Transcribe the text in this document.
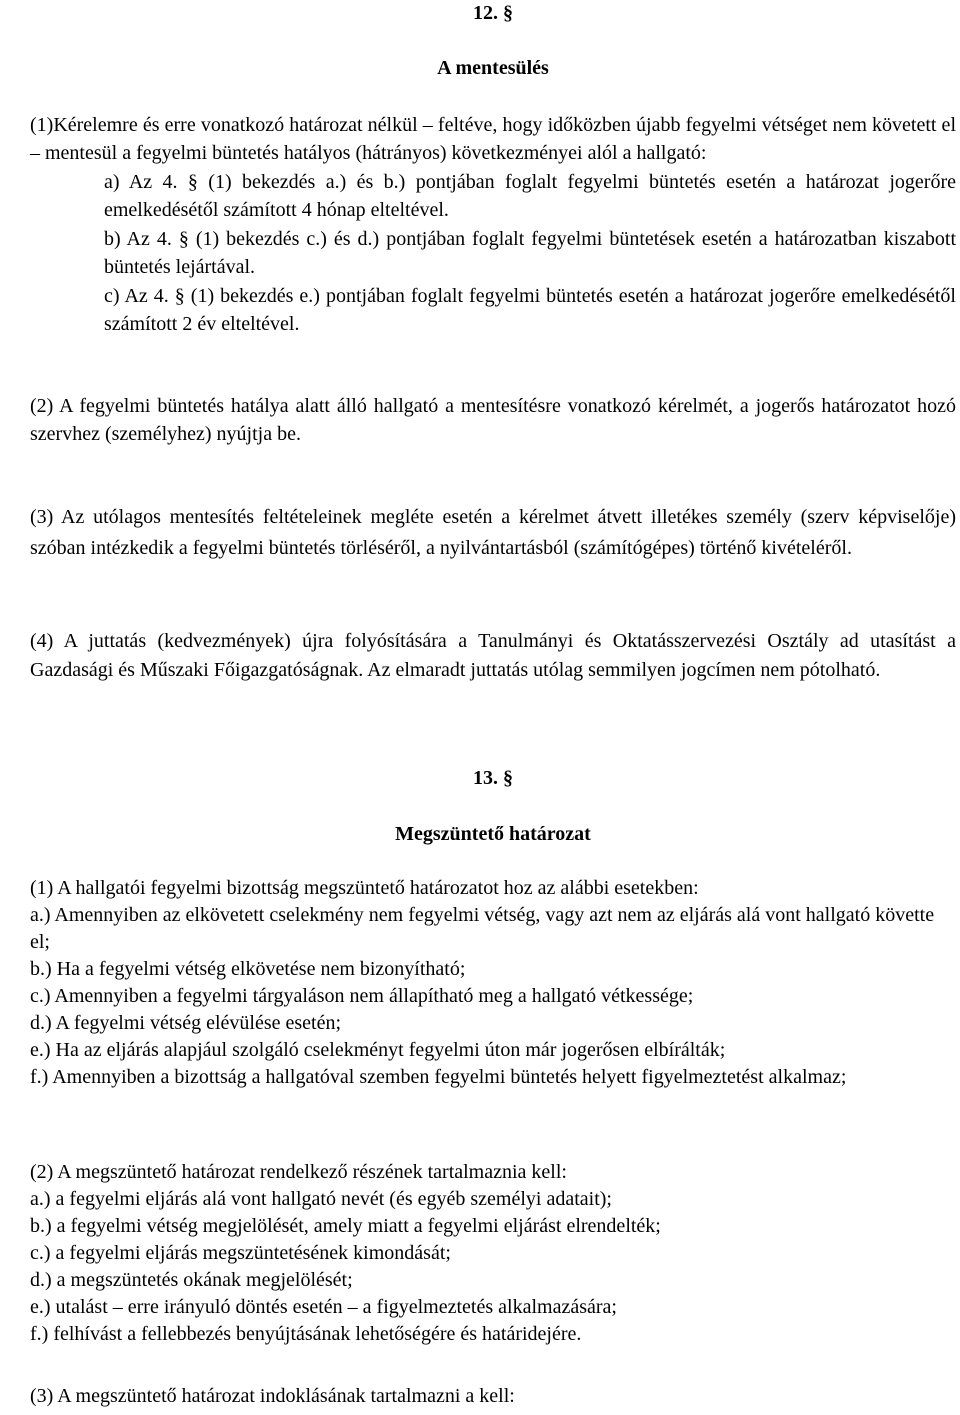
12. §
A mentesülés

(1)Kérelemre és erre vonatkozó határozat nélkül – feltéve, hogy időközben újabb fegyelmi vétséget nem követett el – mentesül a fegyelmi büntetés hatályos (hátrányos) következményei alól a hallgató:

a) Az 4. § (1) bekezdés a.) és b.) pontjában foglalt fegyelmi büntetés esetén a határozat jogerőre emelkedésétől számított 4 hónap elteltével.

b) Az 4. § (1) bekezdés c.) és d.) pontjában foglalt fegyelmi büntetések esetén a határozatban kiszabott büntetés lejártával.

c) Az 4. § (1) bekezdés e.) pontjában foglalt fegyelmi büntetés esetén a határozat jogerőre emelkedésétől számított 2 év elteltével.

(2) A fegyelmi büntetés hatálya alatt álló hallgató a mentesítésre vonatkozó kérelmét, a jogerős határozatot hozó szervhez (személyhez) nyújtja be.

(3) Az utólagos mentesítés feltételeinek megléte esetén a kérelmet átvett illetékes személy (szerv képviselője) szóban intézkedik a fegyelmi büntetés törléséről, a nyilvántartásból (számítógépes) történő kivételéről.

(4) A juttatás (kedvezmények) újra folyósítására a Tanulmányi és Oktatásszervezési Osztály ad utasítást a Gazdasági és Műszaki Főigazgatóságnak. Az elmaradt juttatás utólag semmilyen jogcímen nem pótolható.

13. §
Megszüntető határozat

(1) A hallgatói fegyelmi bizottság megszüntető határozatot hoz az alábbi esetekben:

a.) Amennyiben az elkövetett cselekmény nem fegyelmi vétség, vagy azt nem az eljárás alá vont hallgató követte el;

b.) Ha a fegyelmi vétség elkövetése nem bizonyítható;

c.) Amennyiben a fegyelmi tárgyaláson nem állapítható meg a hallgató vétkessége;

d.) A fegyelmi vétség elévülése esetén;

e.) Ha az eljárás alapjául szolgáló cselekményt fegyelmi úton már jogerősen elbírálták;

f.) Amennyiben a bizottság a hallgatóval szemben fegyelmi büntetés helyett figyelmeztetést alkalmaz;

(2) A megszüntető határozat rendelkező részének tartalmaznia kell:

a.) a fegyelmi eljárás alá vont hallgató nevét (és egyéb személyi adatait);

b.) a fegyelmi vétség megjelölését, amely miatt a fegyelmi eljárást elrendelték;

c.) a fegyelmi eljárás megszüntetésének kimondását;

d.) a megszüntetés okának megjelölését;

e.) utalást – erre irányuló döntés esetén – a figyelmeztetés alkalmazására;

f.) felhívást a fellebbezés benyújtásának lehetőségére és határidejére.

(3) A megszüntető határozat indoklásának tartalmazni a kell:
